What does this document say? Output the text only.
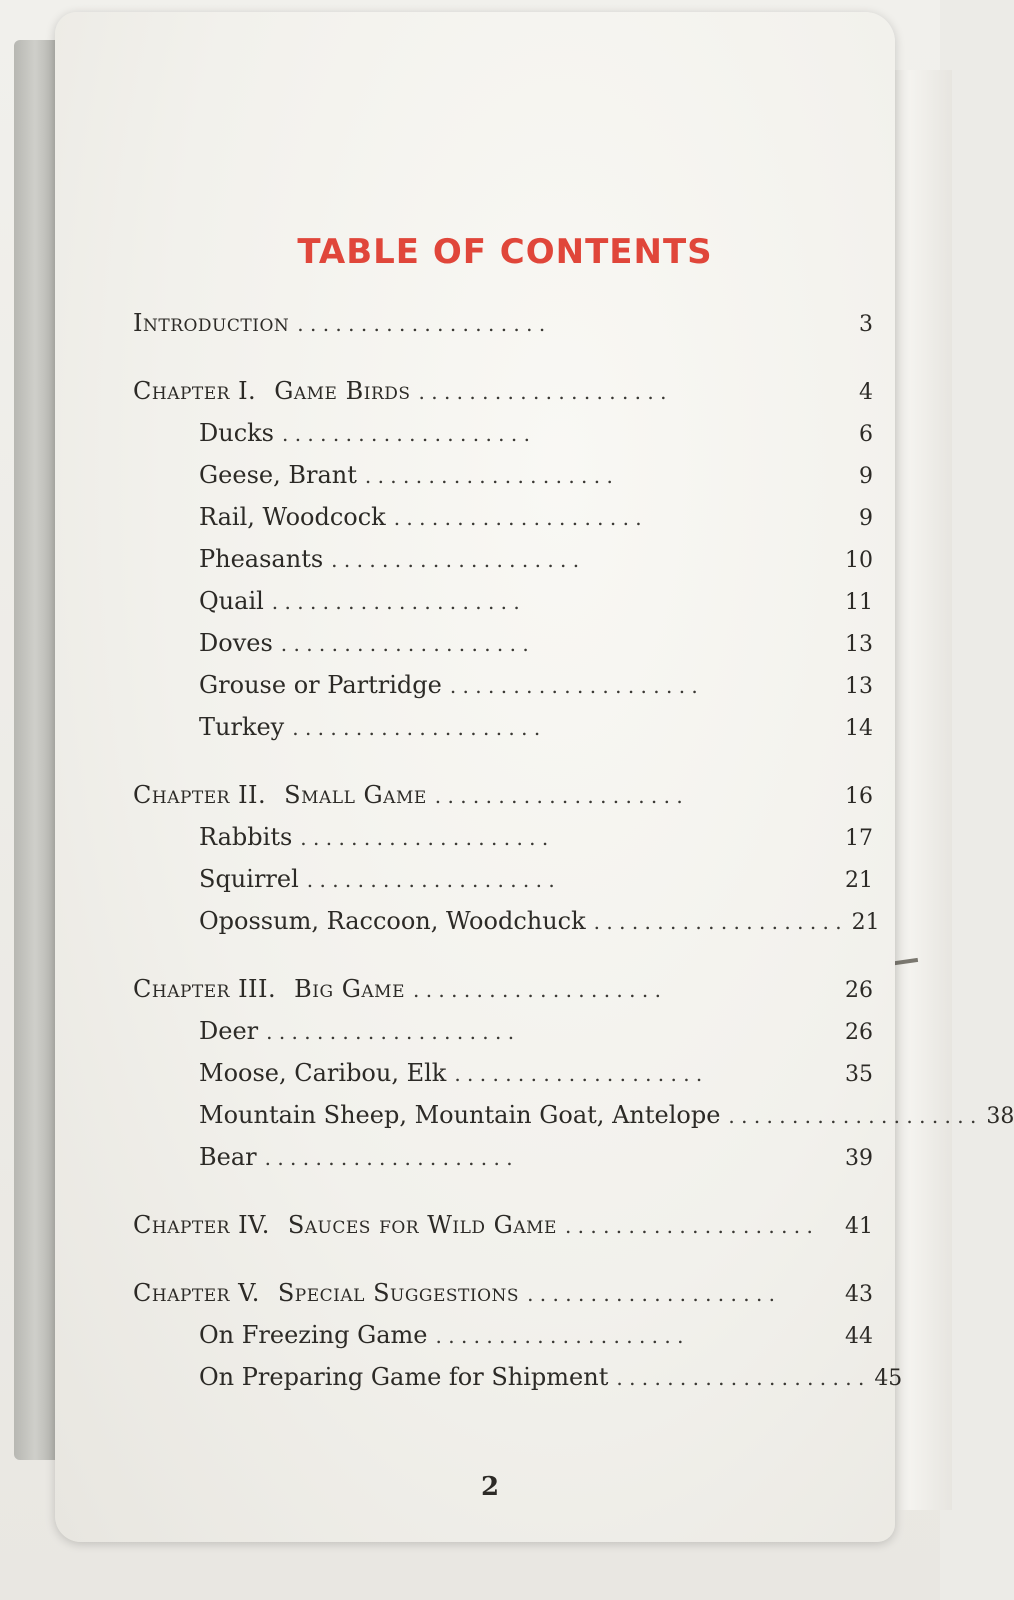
TABLE OF CONTENTS
Introduction . . . . . . . . . . . . . . . . . . . .	3
Chapter I. Game Birds . . . . . . . . . . . . . . . . . . . .	4
Ducks . . . . . . . . . . . . . . . . . . . .	6
Geese, Brant . . . . . . . . . . . . . . . . . . . .	9
Rail, Woodcock . . . . . . . . . . . . . . . . . . . .	9
Pheasants . . . . . . . . . . . . . . . . . . . .	10
Quail . . . . . . . . . . . . . . . . . . . .	11
Doves . . . . . . . . . . . . . . . . . . . .	13
Grouse or Partridge . . . . . . . . . . . . . . . . . . . .	13
Turkey . . . . . . . . . . . . . . . . . . . .	14
Chapter II. Small Game . . . . . . . . . . . . . . . . . . . .	16
Rabbits . . . . . . . . . . . . . . . . . . . .	17
Squirrel . . . . . . . . . . . . . . . . . . . .	21
Opossum, Raccoon, Woodchuck . . . . . . . . . . . . . . . . . . . . 21
Chapter III. Big Game . . . . . . . . . . . . . . . . . . . .	26
Deer . . . . . . . . . . . . . . . . . . . .	26
Moose, Caribou, Elk . . . . . . . . . . . . . . . . . . . .	35
Mountain Sheep, Mountain Goat, Antelope . . . . . . . . . . . . . . . . . . . . 38
Bear . . . . . . . . . . . . . . . . . . . .	39
Chapter IV. Sauces for Wild Game . . . . . . . . . . . . . . . . . . . .	41
Chapter V. Special Suggestions . . . . . . . . . . . . . . . . . . . .	43
On Freezing Game . . . . . . . . . . . . . . . . . . . .	44
On Preparing Game for Shipment . . . . . . . . . . . . . . . . . . . . 45
2
